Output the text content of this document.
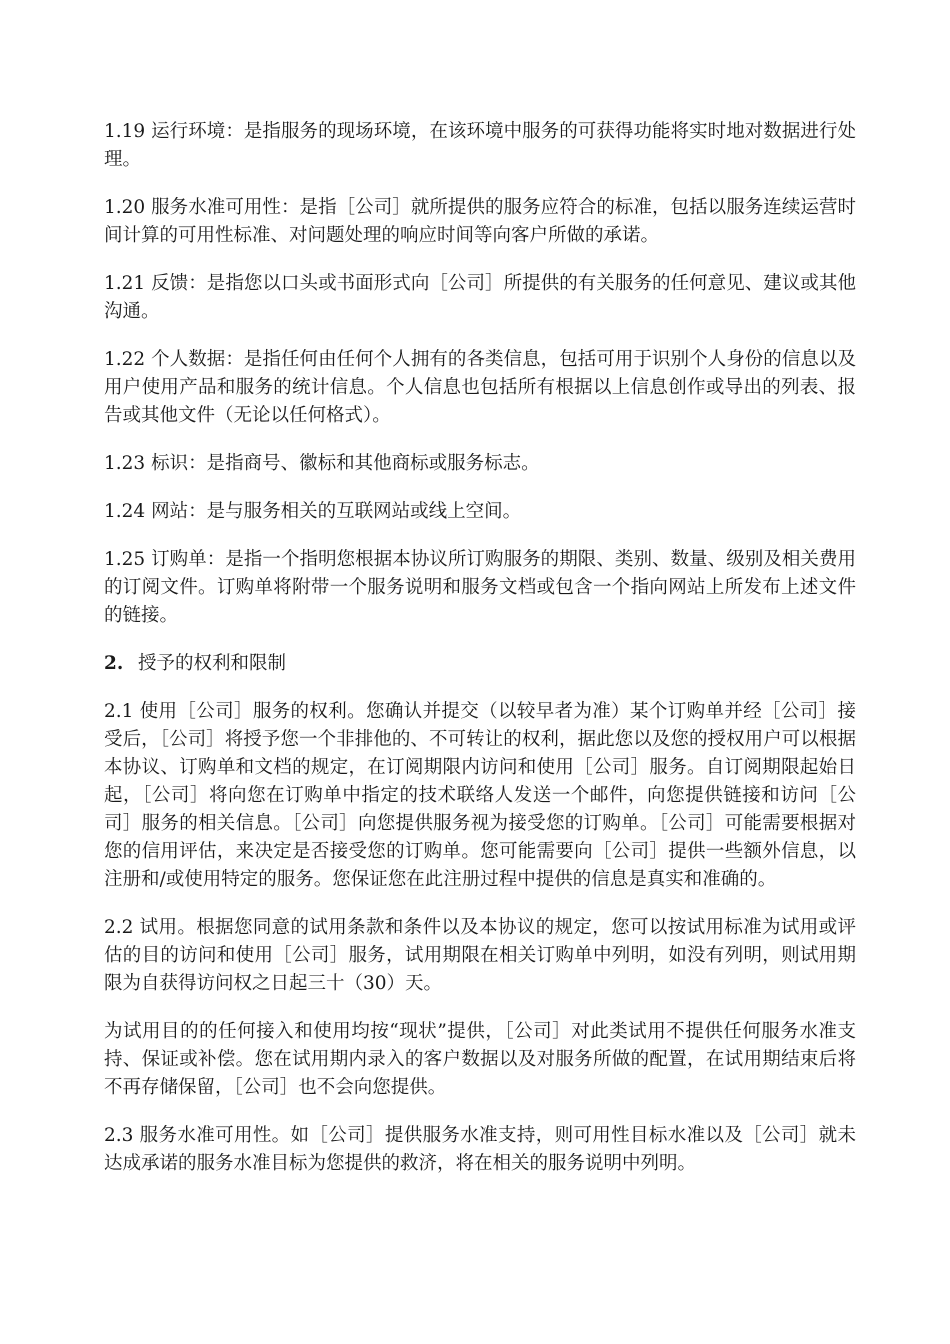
1.19 运行环境：是指服务的现场环境，在该环境中服务的可获得功能将实时地对数据进行处理。

1.20 服务水准可用性：是指［公司］就所提供的服务应符合的标准，包括以服务连续运营时间计算的可用性标准、对问题处理的响应时间等向客户所做的承诺。

1.21 反馈：是指您以口头或书面形式向［公司］所提供的有关服务的任何意见、建议或其他沟通。

1.22 个人数据：是指任何由任何个人拥有的各类信息，包括可用于识别个人身份的信息以及用户使用产品和服务的统计信息。个人信息也包括所有根据以上信息创作或导出的列表、报告或其他文件（无论以任何格式）。

1.23 标识：是指商号、徽标和其他商标或服务标志。

1.24 网站：是与服务相关的互联网站或线上空间。

1.25 订购单：是指一个指明您根据本协议所订购服务的期限、类别、数量、级别及相关费用的订阅文件。订购单将附带一个服务说明和服务文档或包含一个指向网站上所发布上述文件的链接。

2. 授予的权利和限制

2.1 使用［公司］服务的权利。您确认并提交（以较早者为准）某个订购单并经［公司］接受后，［公司］将授予您一个非排他的、不可转让的权利，据此您以及您的授权用户可以根据本协议、订购单和文档的规定，在订阅期限内访问和使用［公司］服务。自订阅期限起始日起，［公司］将向您在订购单中指定的技术联络人发送一个邮件，向您提供链接和访问［公司］服务的相关信息。［公司］向您提供服务视为接受您的订购单。［公司］可能需要根据对您的信用评估，来决定是否接受您的订购单。您可能需要向［公司］提供一些额外信息，以注册和/或使用特定的服务。您保证您在此注册过程中提供的信息是真实和准确的。

2.2 试用。根据您同意的试用条款和条件以及本协议的规定，您可以按试用标准为试用或评估的目的访问和使用［公司］服务，试用期限在相关订购单中列明，如没有列明，则试用期限为自获得访问权之日起三十（30）天。

为试用目的的任何接入和使用均按“现状”提供，［公司］对此类试用不提供任何服务水准支持、保证或补偿。您在试用期内录入的客户数据以及对服务所做的配置，在试用期结束后将不再存储保留，［公司］也不会向您提供。

2.3 服务水准可用性。如［公司］提供服务水准支持，则可用性目标水准以及［公司］就未达成承诺的服务水准目标为您提供的救济，将在相关的服务说明中列明。
